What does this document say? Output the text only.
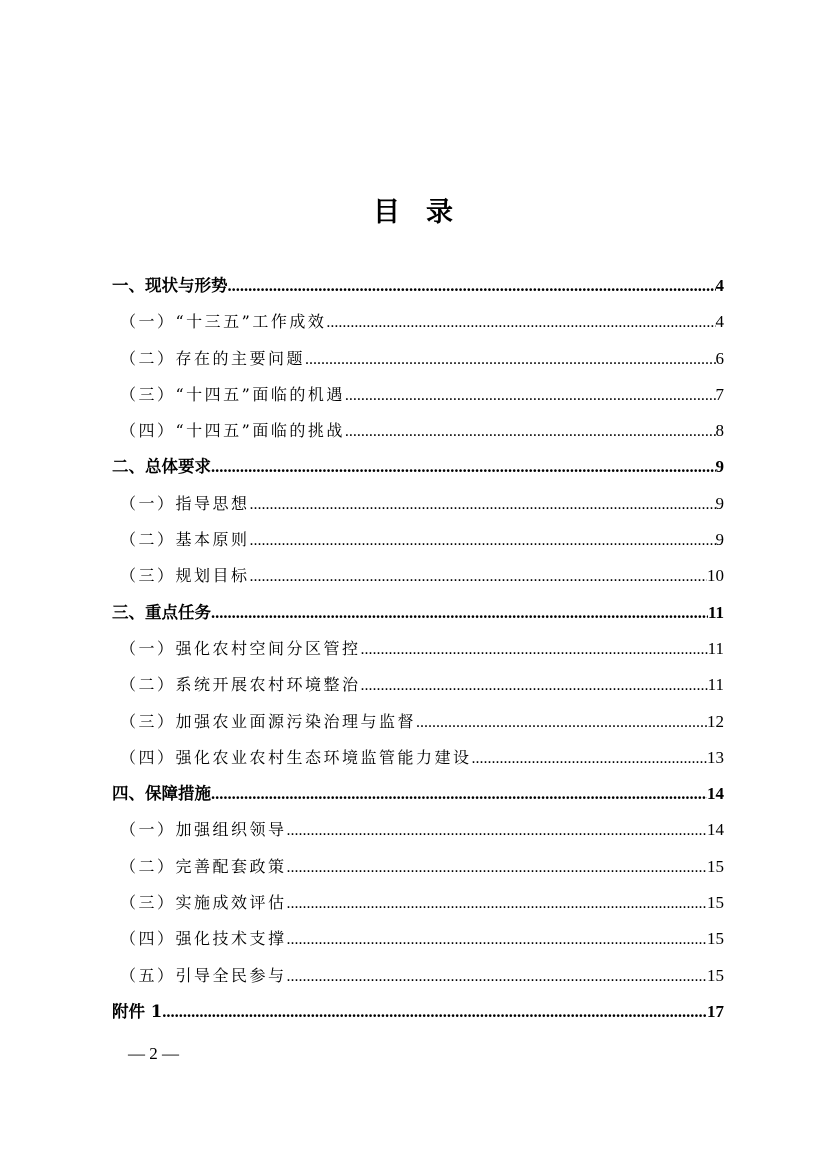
目录
一、现状与形势 .....	4
（一）“十三五”工作成效 .....	4
（二）存在的主要问题 .....	6
（三）“十四五”面临的机遇 .....	7
（四）“十四五”面临的挑战 .....	8
二、总体要求 .....	9
（一）指导思想 .....	9
（二）基本原则 .....	9
（三）规划目标 .....	10
三、重点任务 .....	11
（一）强化农村空间分区管控 .....	11
（二）系统开展农村环境整治 .....	11
（三）加强农业面源污染治理与监督 .....	12
（四）强化农业农村生态环境监管能力建设 .....	13
四、保障措施 .....	14
（一）加强组织领导 .....	14
（二）完善配套政策 .....	15
（三）实施成效评估 .....	15
（四）强化技术支撑 .....	15
（五）引导全民参与 .....	15
附件 1 .....	17
— 2 —
